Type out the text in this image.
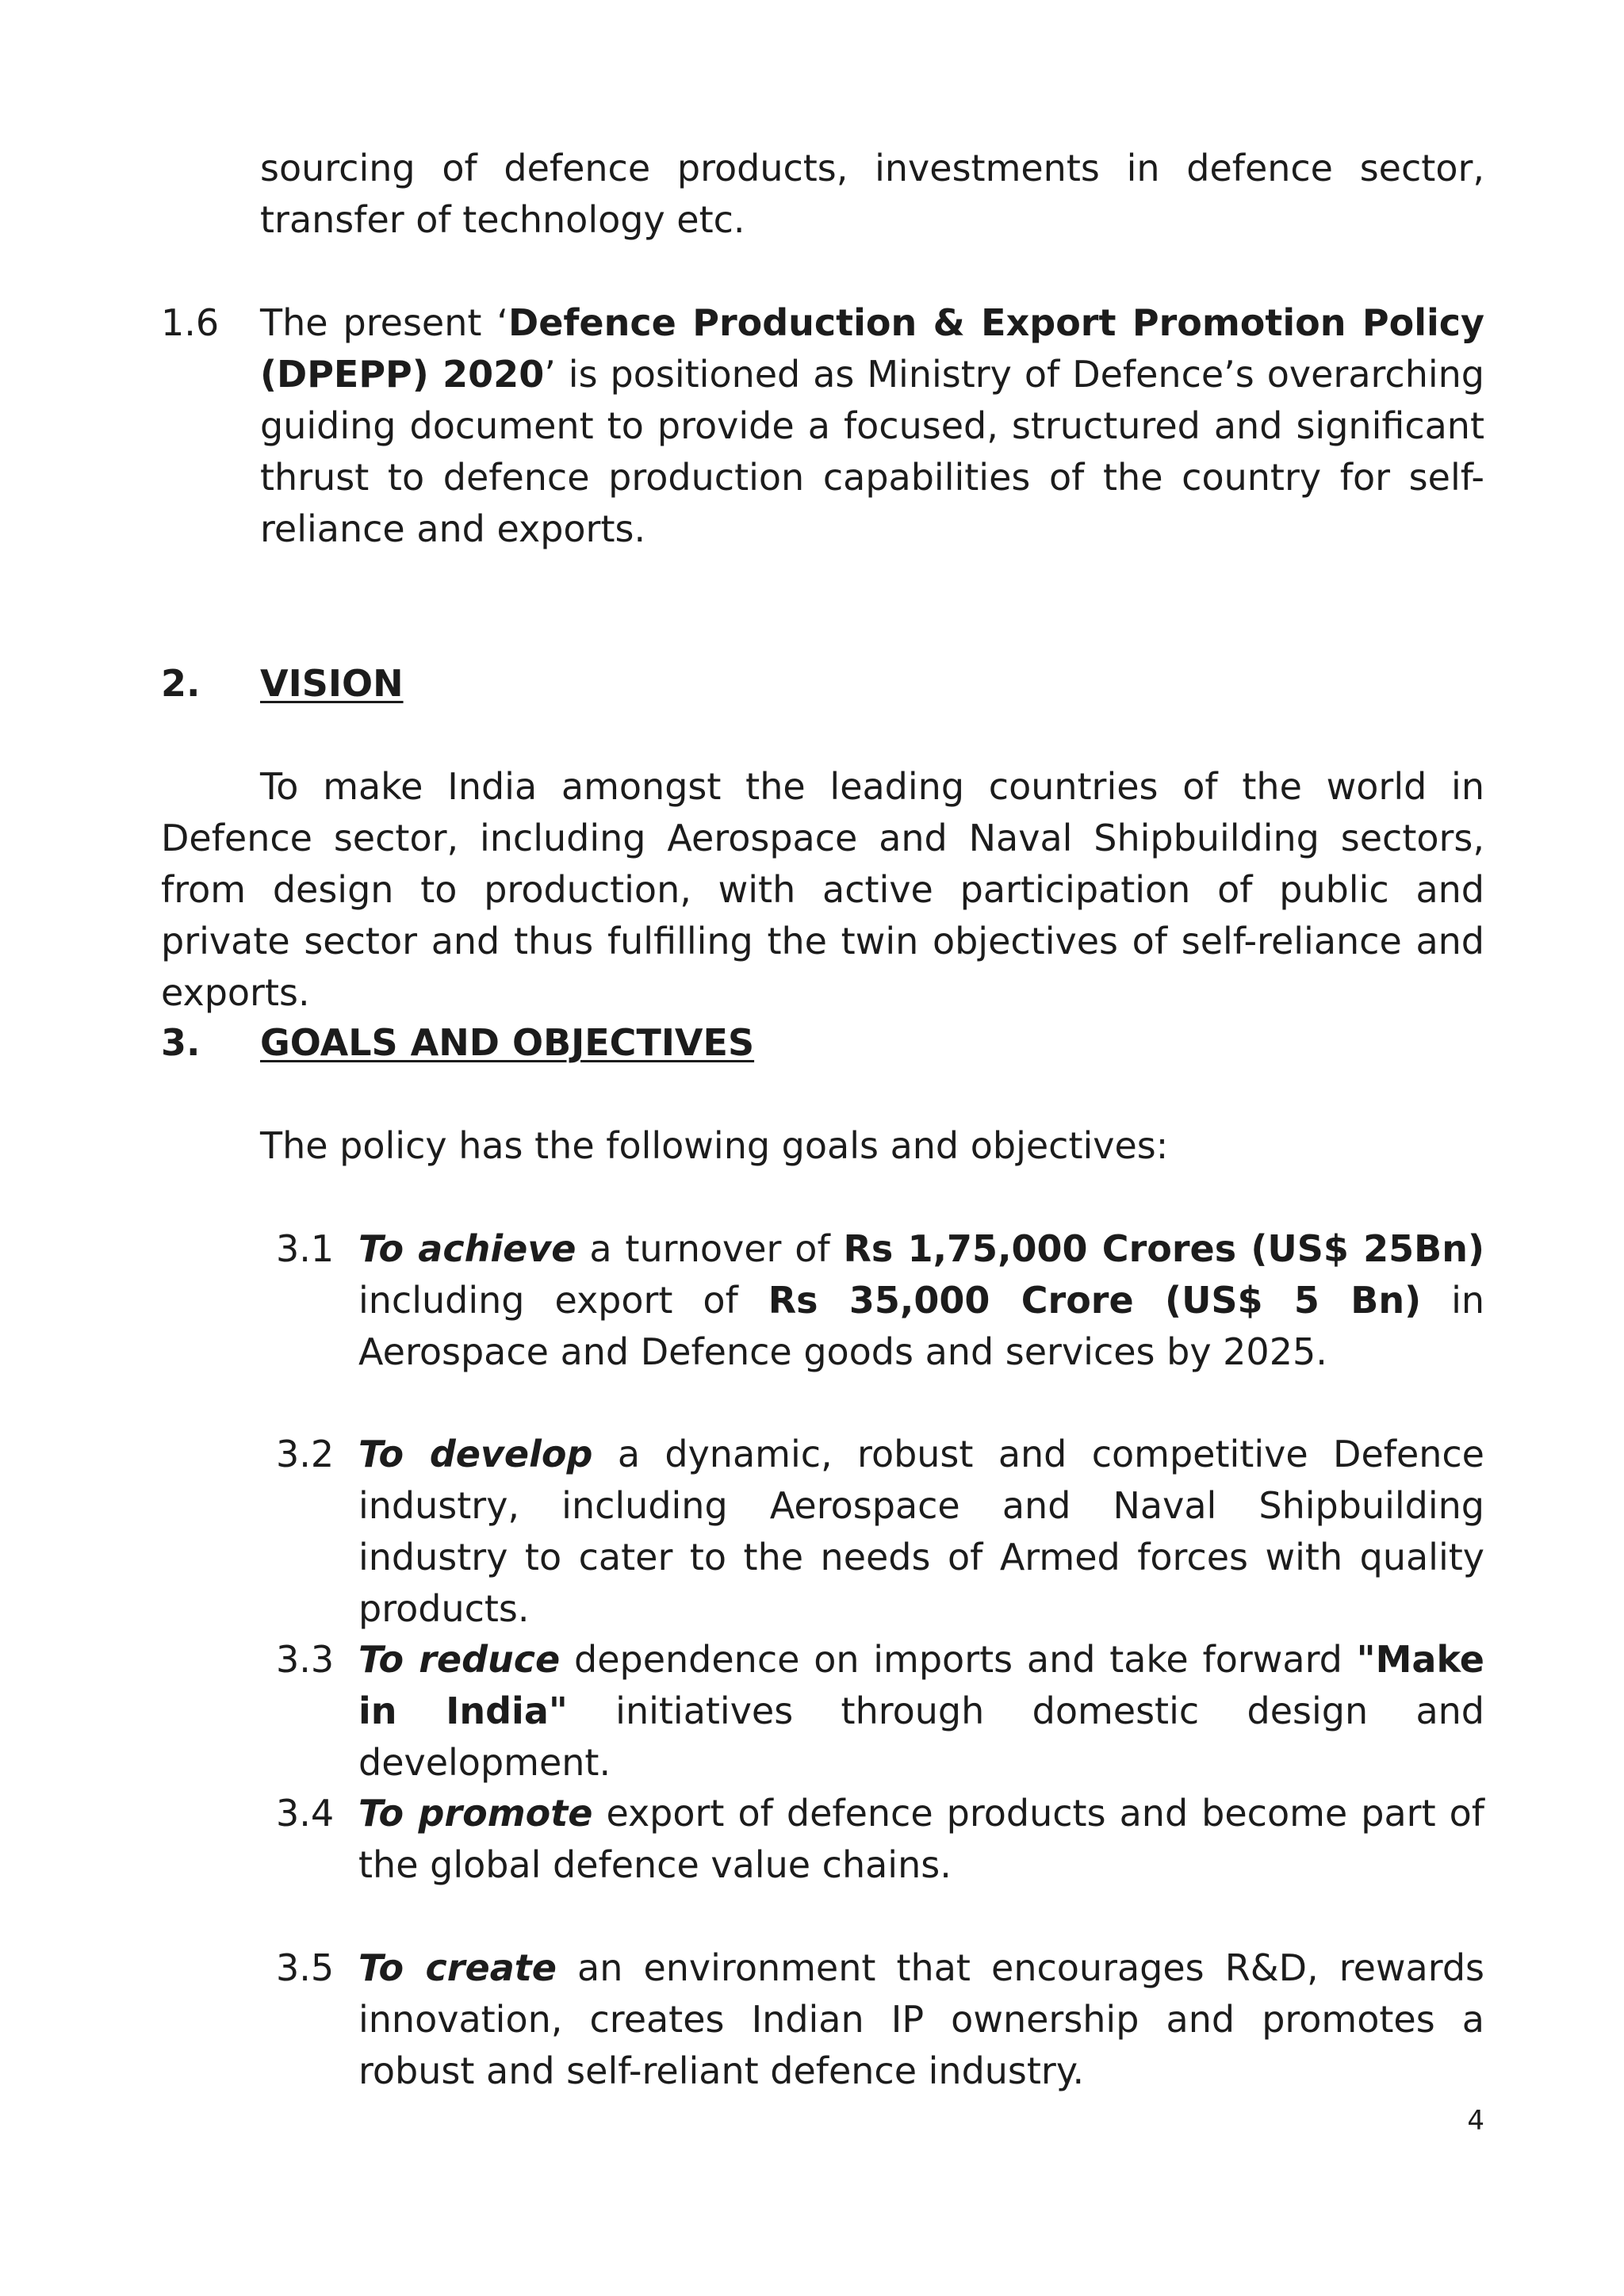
sourcing of defence products, investments in defence sector, transfer of technology etc.

1.6 The present ‘Defence Production & Export Promotion Policy (DPEPP) 2020’ is positioned as Ministry of Defence’s overarching guiding document to provide a focused, structured and significant thrust to defence production capabilities of the country for self-reliance and exports.

2. VISION

To make India amongst the leading countries of the world in Defence sector, including Aerospace and Naval Shipbuilding sectors, from design to production, with active participation of public and private sector and thus fulfilling the twin objectives of self-reliance and exports.

3. GOALS AND OBJECTIVES

The policy has the following goals and objectives:

3.1 To achieve a turnover of Rs 1,75,000 Crores (US$ 25Bn) including export of Rs 35,000 Crore (US$ 5 Bn) in Aerospace and Defence goods and services by 2025.

3.2 To develop a dynamic, robust and competitive Defence industry, including Aerospace and Naval Shipbuilding industry to cater to the needs of Armed forces with quality products.

3.3 To reduce dependence on imports and take forward "Make in India" initiatives through domestic design and development.

3.4 To promote export of defence products and become part of the global defence value chains.

3.5 To create an environment that encourages R&D, rewards innovation, creates Indian IP ownership and promotes a robust and self-reliant defence industry.

4
